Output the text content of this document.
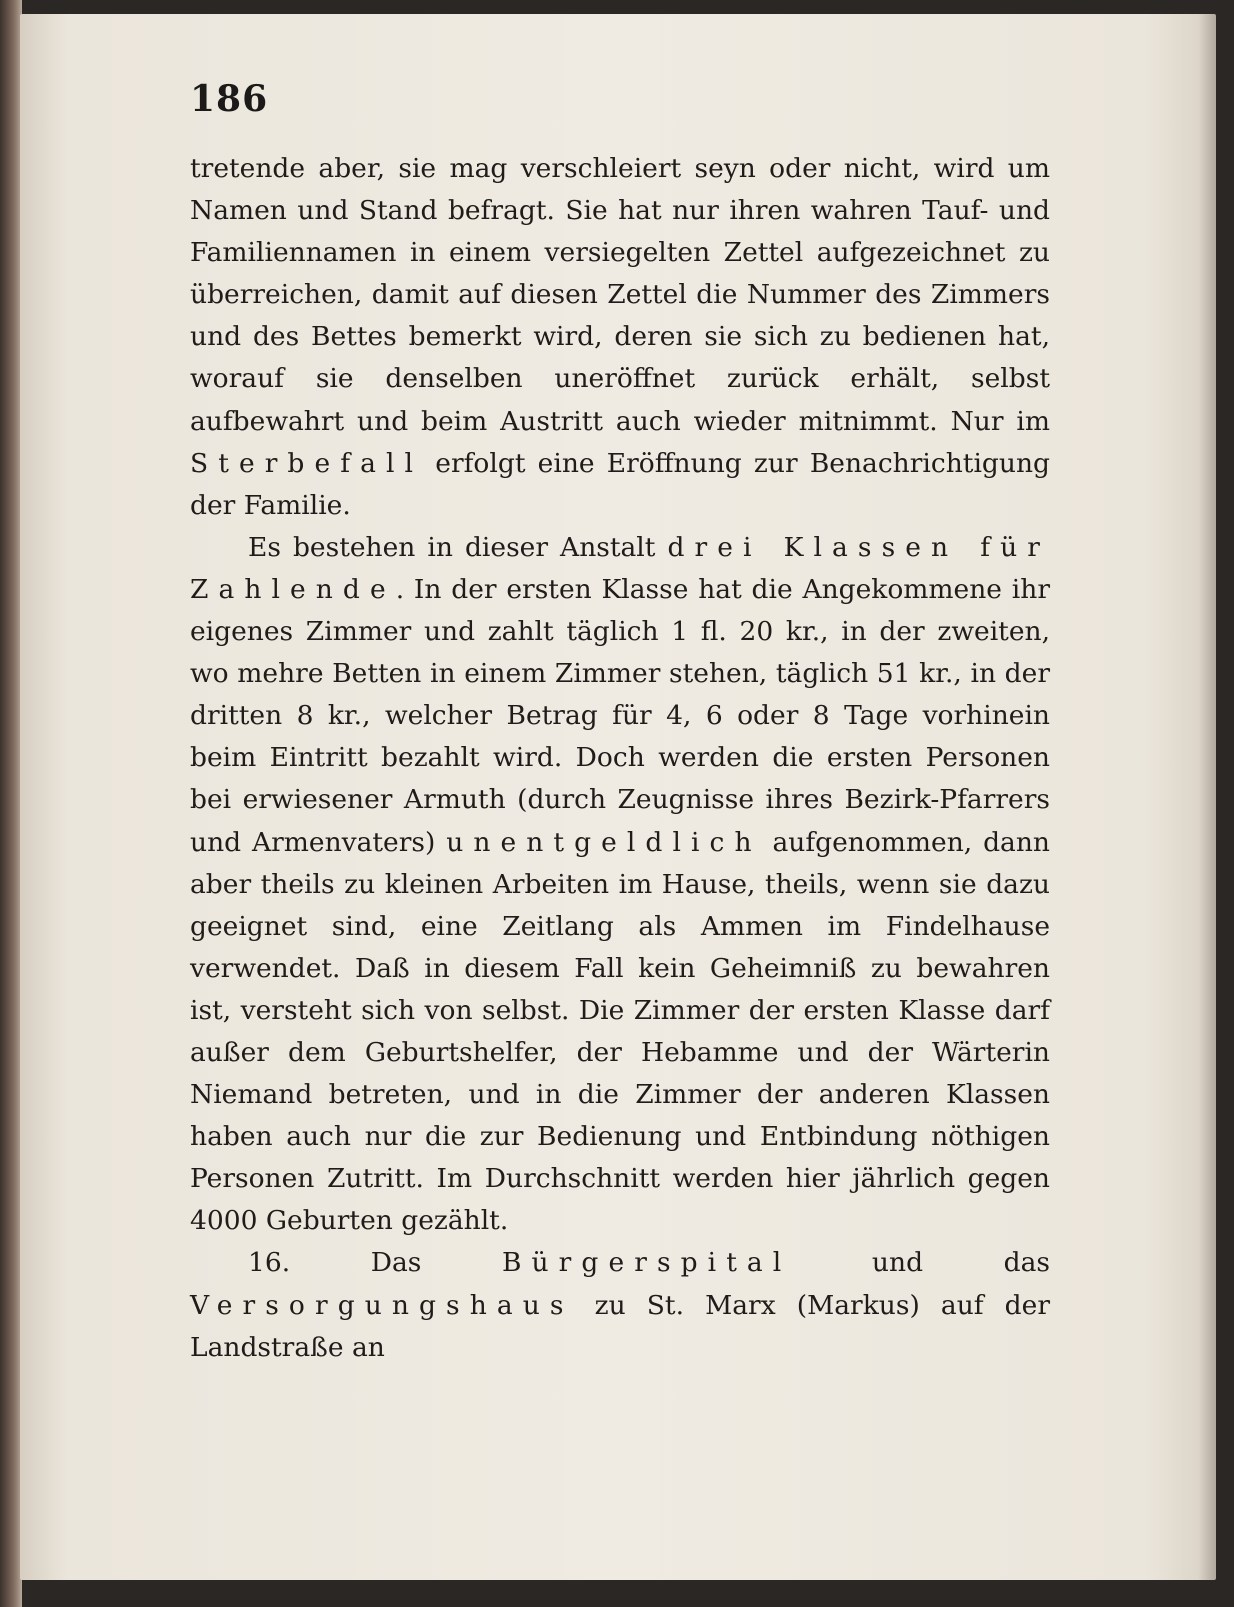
186

tretende aber, sie mag verschleiert seyn oder nicht, wird um Namen und Stand befragt. Sie hat nur ihren wahren Tauf- und Familiennamen in einem versiegelten Zettel aufgezeichnet zu überreichen, damit auf diesen Zettel die Nummer des Zimmers und des Bettes bemerkt wird, deren sie sich zu bedienen hat, worauf sie denselben uneröffnet zurück erhält, selbst aufbewahrt und beim Austritt auch wieder mitnimmt. Nur im Sterbefall erfolgt eine Eröffnung zur Benachrichtigung der Familie.

Es bestehen in dieser Anstalt drei Klassen für Zahlende. In der ersten Klasse hat die Angekommene ihr eigenes Zimmer und zahlt täglich 1 fl. 20 kr., in der zweiten, wo mehre Betten in einem Zimmer stehen, täglich 51 kr., in der dritten 8 kr., welcher Betrag für 4, 6 oder 8 Tage vorhinein beim Eintritt bezahlt wird. Doch werden die ersten Personen bei erwiesener Armuth (durch Zeugnisse ihres Bezirk-Pfarrers und Armenvaters) unentgeldlich aufgenommen, dann aber theils zu kleinen Arbeiten im Hause, theils, wenn sie dazu geeignet sind, eine Zeitlang als Ammen im Findelhause verwendet. Daß in diesem Fall kein Geheimniß zu bewahren ist, versteht sich von selbst. Die Zimmer der ersten Klasse darf außer dem Geburtshelfer, der Hebamme und der Wärterin Niemand betreten, und in die Zimmer der anderen Klassen haben auch nur die zur Bedienung und Entbindung nöthigen Personen Zutritt. Im Durchschnitt werden hier jährlich gegen 4000 Geburten gezählt.

16. Das Bürgerspital und das Versorgungshaus zu St. Marx (Markus) auf der Landstraße an
